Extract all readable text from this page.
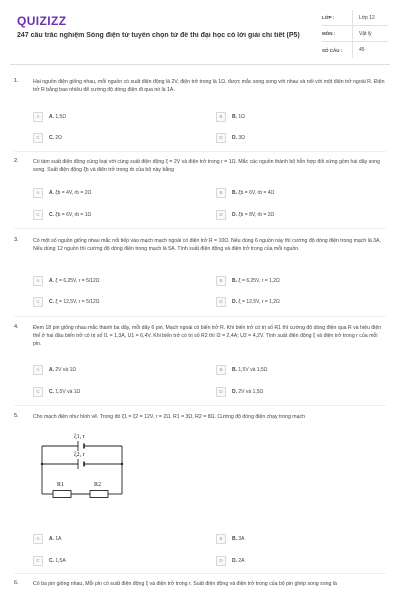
QUIZIZZ
247 câu trắc nghiệm Sóng điện từ tuyển chọn từ đề thi đại học có lời giải chi tiết (P5)
LỚP :	Lớp 12
MÔN :	Vật lý
SỐ CÂU :	45
1.	Hai nguồn điện giống nhau, mỗi nguồn có suất điện động là 2V, điện trở trong là 1Ω, được mắc song song với nhau và nối với một điện trở ngoài R. Điện trở R bằng bao nhiêu để cường độ dòng điện đi qua nó là 1A.
A	A. 1,5Ω	B	B. 1Ω
C	C. 2Ω	D	D. 3Ω
2.	Có tám suất điện động cùng loại với cùng suất điện động ξ = 2V và điện trở trong r = 1Ω. Mắc các nguồn thành bộ hỗn hợp đối xứng gồm hai dãy song song. Suất điện động ξb và điện trở trong rb của bộ này bằng
A	A. ξb = 4V, rb = 2Ω	B	B. ξb = 6V, rb = 4Ω
C	C. ξb = 6V, rb = 1Ω	D	D. ξb = 8V, rb = 2Ω
3.	Có một số nguồn giống nhau mắc nối tiếp vào mạch mạch ngoài có điện trở R = 10Ω. Nếu dùng 6 nguồn này thì cường độ dòng điện trong mạch là 3A. Nếu dùng 12 nguồn thì cường độ dòng điện trong mạch là 5A. Tính suất điện động và điện trở trong của mỗi nguồn.
A	A. ξ = 6,25V, r = 5/12Ω	B	B. ξ = 6,25V, r = 1,2Ω
C	C. ξ = 12,5V, r = 5/12Ω	D	D. ξ = 12,5V, r = 1,2Ω
4.	Đem 18 pin giống nhau mắc thành ba dãy, mỗi dãy 6 pin. Mạch ngoài có biến trở R. Khi biến trở có trị số R1 thì cường độ dòng điện qua R và hiệu điện thế ở hai đầu biến trở có trị số I1 = 1,3A, U1 = 6,4V. Khi biến trở có trị số R2 thì I2 = 2,4A; U2 = 4,2V. Tính suất điện động ξ và điện trở trong r của mỗi pin.
A	A. 2V và 1Ω	B	B. 1,5V và 1,5Ω
C	C. 1,5V và 1Ω	D	D. 2V và 1,5Ω
5.	Cho mạch điện như hình vẽ. Trong đó ξ1 = ξ2 = 12V, r = 2Ω, R1 = 3Ω, R2 = 8Ω. Cường độ dòng điện chạy trong mạch
A	A. 1A	B	B. 3A
C	C. 1,5A	D	D. 2A
ξ1, r
ξ2, r
R1	R2
6.	Có ba pin giống nhau, Mỗi pin có suất điện động ξ và điện trở trong r. Suất điện động và điện trở trong của bộ pin ghép song song là
